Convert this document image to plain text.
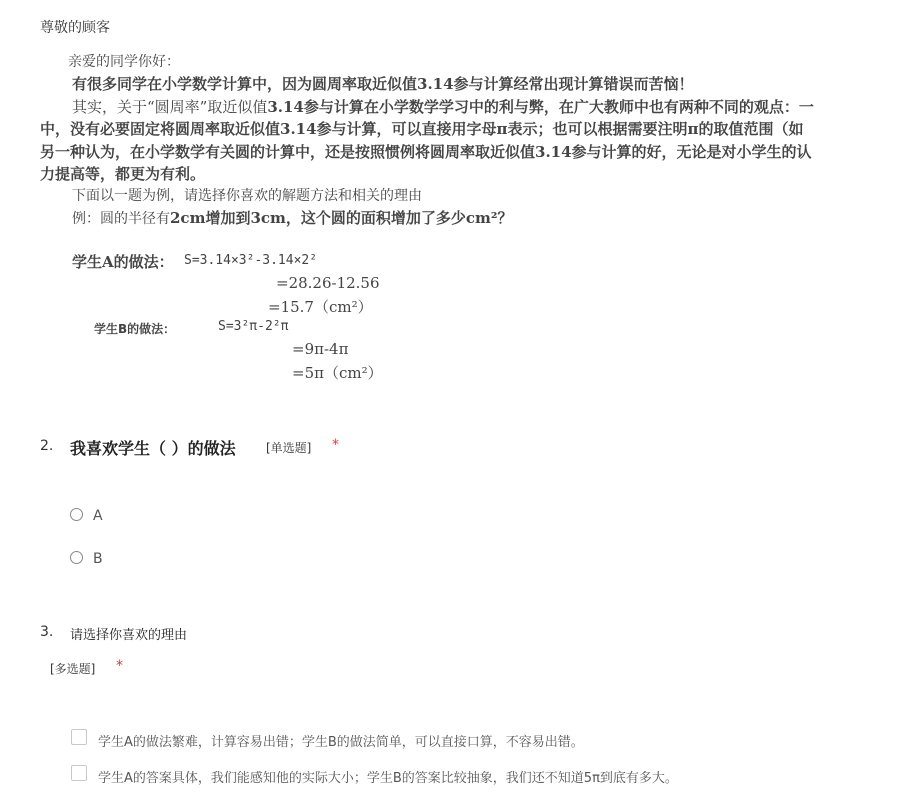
尊敬的顾客
亲爱的同学你好：
有很多同学在小学数学计算中，因为圆周率取近似值3.14参与计算经常出现计算错误而苦恼！
其实，关于“圆周率”取近似值3.14参与计算在小学数学学习中的利与弊，在广大教师中也有两种不同的观点：一
中，没有必要固定将圆周率取近似值3.14参与计算，可以直接用字母π表示；也可以根据需要注明π的取值范围（如
另一种认为，在小学数学有关圆的计算中，还是按照惯例将圆周率取近似值3.14参与计算的好，无论是对小学生的认
力提高等，都更为有利。
下面以一题为例，请选择你喜欢的解题方法和相关的理由
例：圆的半径有2cm增加到3cm，这个圆的面积增加了多少cm²？
学生A的做法： S=3.14×3²-3.14×2²
=28.26-12.56
=15.7（cm²）
学生B的做法：	S=3²π-2²π
=9π-4π
=5π（cm²）
2. 我喜欢学生（ ）的做法	[单选题] *
A
B
3. 请选择你喜欢的理由
[多选题] *
学生A的做法繁难，计算容易出错；学生B的做法简单，可以直接口算，不容易出错。
学生A的答案具体，我们能感知他的实际大小；学生B的答案比较抽象，我们还不知道5π到底有多大。
